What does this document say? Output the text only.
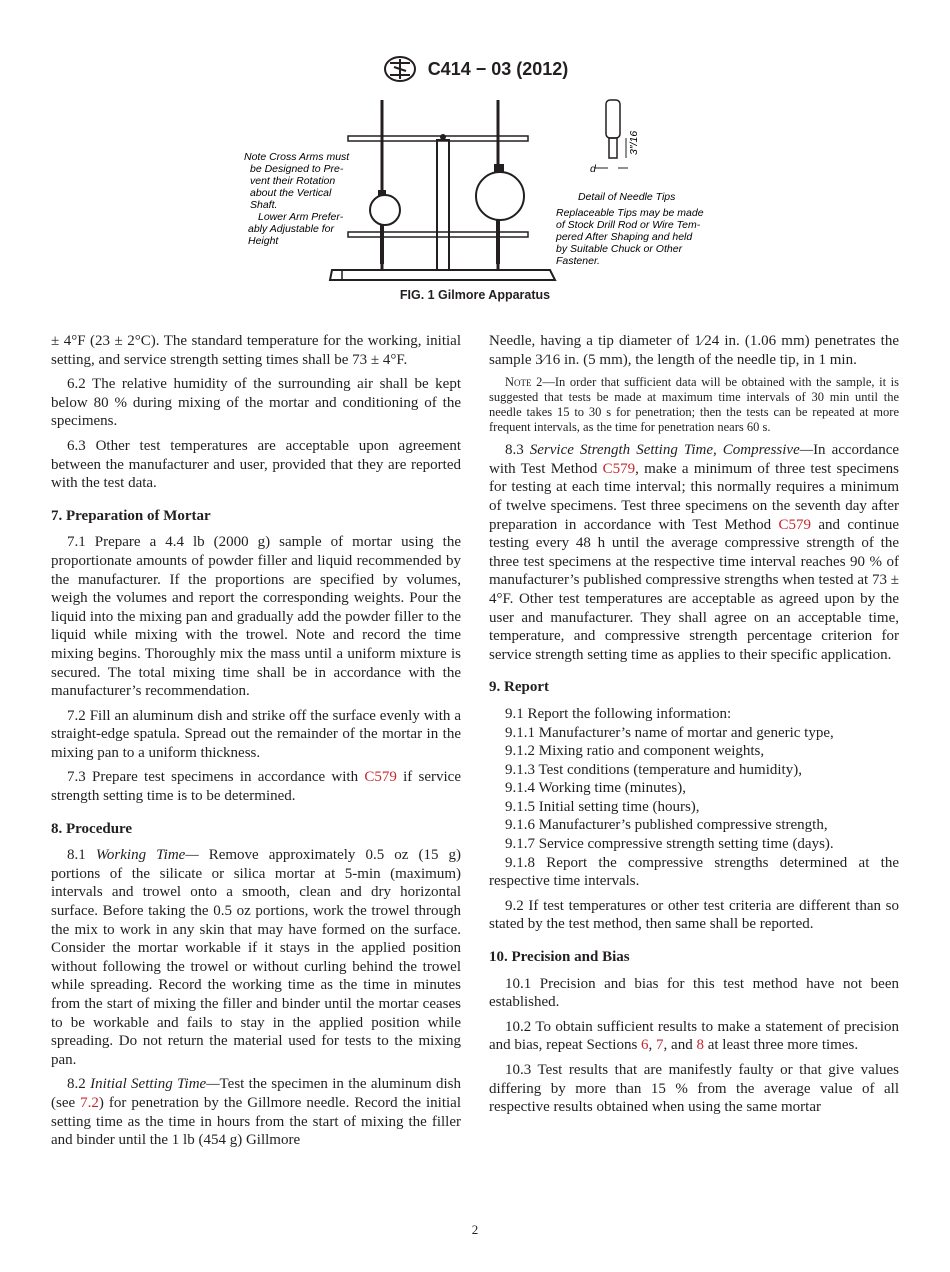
C414 − 03 (2012)
d
3″/16
Note Cross Arms must
be Designed to Pre-
vent their Rotation
about the Vertical
Shaft.
Lower Arm Prefer-
ably Adjustable for
Height
Detail of Needle Tips
Replaceable Tips may be made
of Stock Drill Rod or Wire Tem-
pered After Shaping and held
by Suitable Chuck or Other
Fastener.
FIG. 1 Gilmore Apparatus

± 4°F (23 ± 2°C). The standard temperature for the working, initial setting, and service strength setting times shall be 73 ± 4°F.

6.2 The relative humidity of the surrounding air shall be kept below 80 % during mixing of the mortar and conditioning of the specimens.

6.3 Other test temperatures are acceptable upon agreement between the manufacturer and user, provided that they are reported with the test data.

7. Preparation of Mortar

7.1 Prepare a 4.4 lb (2000 g) sample of mortar using the proportionate amounts of powder filler and liquid recommended by the manufacturer. If the proportions are specified by volumes, weigh the volumes and report the corresponding weights. Pour the liquid into the mixing pan and gradually add the powder filler to the liquid while mixing with the trowel. Note and record the time mixing begins. Thoroughly mix the mass until a uniform mixture is secured. The total mixing time shall be in accordance with the manufacturer’s recommendation.

7.2 Fill an aluminum dish and strike off the surface evenly with a straight-edge spatula. Spread out the remainder of the mortar in the mixing pan to a uniform thickness.

7.3 Prepare test specimens in accordance with C579 if service strength setting time is to be determined.

8. Procedure

8.1 Working Time— Remove approximately 0.5 oz (15 g) portions of the silicate or silica mortar at 5-min (maximum) intervals and trowel onto a smooth, clean and dry horizontal surface. Before taking the 0.5 oz portions, work the trowel through the mix to work in any skin that may have formed on the surface. Consider the mortar workable if it stays in the applied position without following the trowel or without curling behind the trowel while spreading. Record the working time as the time in minutes from the start of mixing the filler and binder until the mortar ceases to be workable and fails to stay in the applied position while spreading. Do not return the material used for tests to the mixing pan.

8.2 Initial Setting Time—Test the specimen in the aluminum dish (see 7.2) for penetration by the Gillmore needle. Record the initial setting time as the time in hours from the start of mixing the filler and binder until the 1 lb (454 g) Gillmore

Needle, having a tip diameter of 1⁄24 in. (1.06 mm) penetrates the sample 3⁄16 in. (5 mm), the length of the needle tip, in 1 min.

Note 2—In order that sufficient data will be obtained with the sample, it is suggested that tests be made at maximum time intervals of 30 min until the needle takes 15 to 30 s for penetration; then the tests can be repeated at more frequent intervals, as the time for penetration nears 60 s.

8.3 Service Strength Setting Time, Compressive—In accordance with Test Method C579, make a minimum of three test specimens for testing at each time interval; this normally requires a minimum of twelve specimens. Test three specimens on the seventh day after preparation in accordance with Test Method C579 and continue testing every 48 h until the average compressive strength of the three test specimens at the respective time interval reaches 90 % of manufacturer’s published compressive strengths when tested at 73 ± 4°F. Other test temperatures are acceptable as agreed upon by the user and manufacturer. They shall agree on an acceptable time, temperature, and compressive strength percentage criterion for service strength setting time as applies to their specific application.

9. Report

9.1 Report the following information:

9.1.1 Manufacturer’s name of mortar and generic type,

9.1.2 Mixing ratio and component weights,

9.1.3 Test conditions (temperature and humidity),

9.1.4 Working time (minutes),

9.1.5 Initial setting time (hours),

9.1.6 Manufacturer’s published compressive strength,

9.1.7 Service compressive strength setting time (days).

9.1.8 Report the compressive strengths determined at the respective time intervals.

9.2 If test temperatures or other test criteria are different than so stated by the test method, then same shall be reported.

10. Precision and Bias

10.1 Precision and bias for this test method have not been established.

10.2 To obtain sufficient results to make a statement of precision and bias, repeat Sections 6, 7, and 8 at least three more times.

10.3 Test results that are manifestly faulty or that give values differing by more than 15 % from the average value of all respective results obtained when using the same mortar

2
